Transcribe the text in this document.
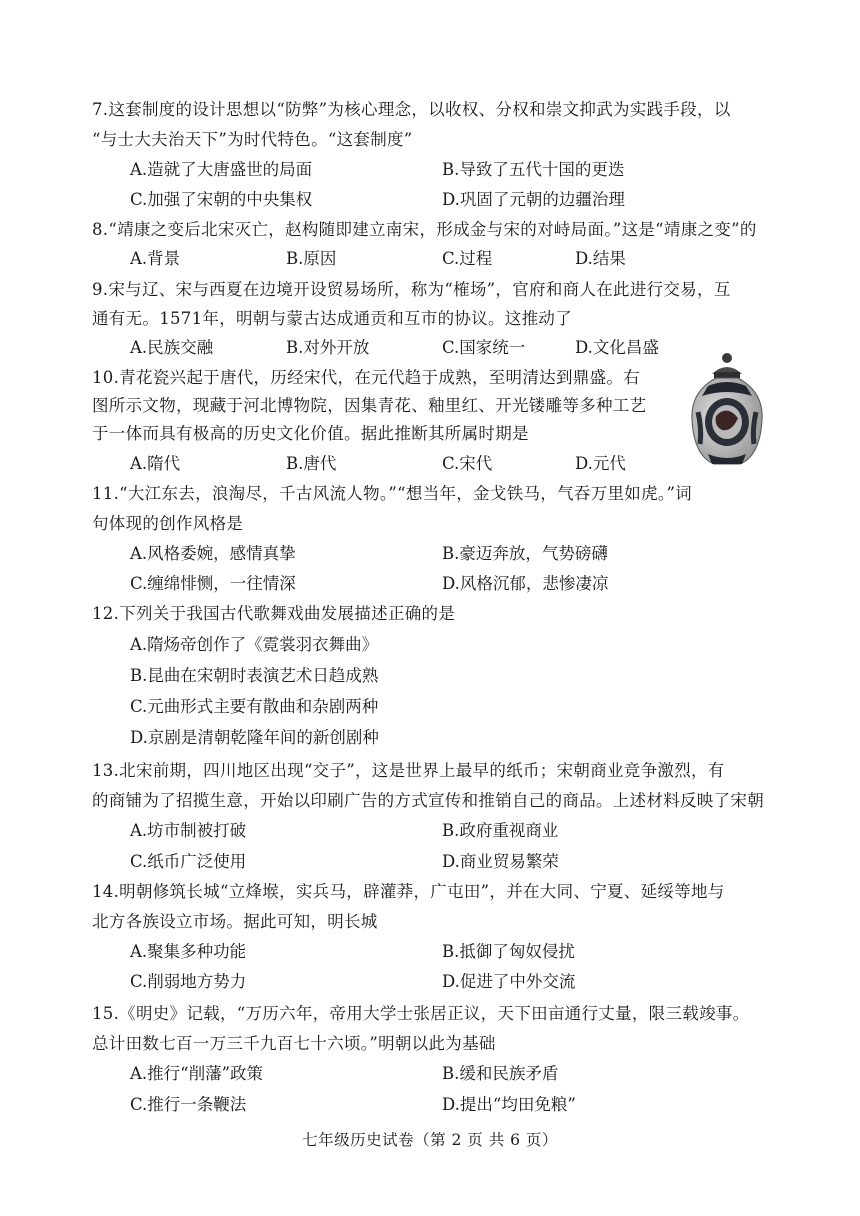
7.这套制度的设计思想以“防弊”为核心理念，以收权、分权和崇文抑武为实践手段，以
“与士大夫治天下”为时代特色。“这套制度”
A.造就了大唐盛世的局面	B.导致了五代十国的更迭
C.加强了宋朝的中央集权	D.巩固了元朝的边疆治理
8.“靖康之变后北宋灭亡，赵构随即建立南宋，形成金与宋的对峙局面。”这是“靖康之变”的
A.背景	B.原因	C.过程	D.结果
9.宋与辽、宋与西夏在边境开设贸易场所，称为“榷场”，官府和商人在此进行交易，互
通有无。1571年，明朝与蒙古达成通贡和互市的协议。这推动了
A.民族交融	B.对外开放	C.国家统一	D.文化昌盛
10.青花瓷兴起于唐代，历经宋代，在元代趋于成熟，至明清达到鼎盛。右
图所示文物，现藏于河北博物院，因集青花、釉里红、开光镂雕等多种工艺
于一体而具有极高的历史文化价值。据此推断其所属时期是
A.隋代	B.唐代	C.宋代	D.元代
11.“大江东去，浪淘尽，千古风流人物。”“想当年，金戈铁马，气吞万里如虎。”词
句体现的创作风格是
A.风格委婉，感情真挚	B.豪迈奔放，气势磅礴
C.缠绵悱恻，一往情深	D.风格沉郁，悲惨凄凉
12.下列关于我国古代歌舞戏曲发展描述正确的是
A.隋炀帝创作了《霓裳羽衣舞曲》
B.昆曲在宋朝时表演艺术日趋成熟
C.元曲形式主要有散曲和杂剧两种
D.京剧是清朝乾隆年间的新创剧种
13.北宋前期，四川地区出现“交子”，这是世界上最早的纸币；宋朝商业竞争激烈，有
的商铺为了招揽生意，开始以印刷广告的方式宣传和推销自己的商品。上述材料反映了宋朝
A.坊市制被打破	B.政府重视商业
C.纸币广泛使用	D.商业贸易繁荣
14.明朝修筑长城“立烽堠，实兵马，辟灌莽，广屯田”，并在大同、宁夏、延绥等地与
北方各族设立市场。据此可知，明长城
A.聚集多种功能	B.抵御了匈奴侵扰
C.削弱地方势力	D.促进了中外交流
15.《明史》记载，“万历六年，帝用大学士张居正议，天下田亩通行丈量，限三载竣事。
总计田数七百一万三千九百七十六顷。”明朝以此为基础
A.推行“削藩”政策	B.缓和民族矛盾
C.推行一条鞭法	D.提出“均田免粮”
七年级历史试卷（第 2 页 共 6 页）
